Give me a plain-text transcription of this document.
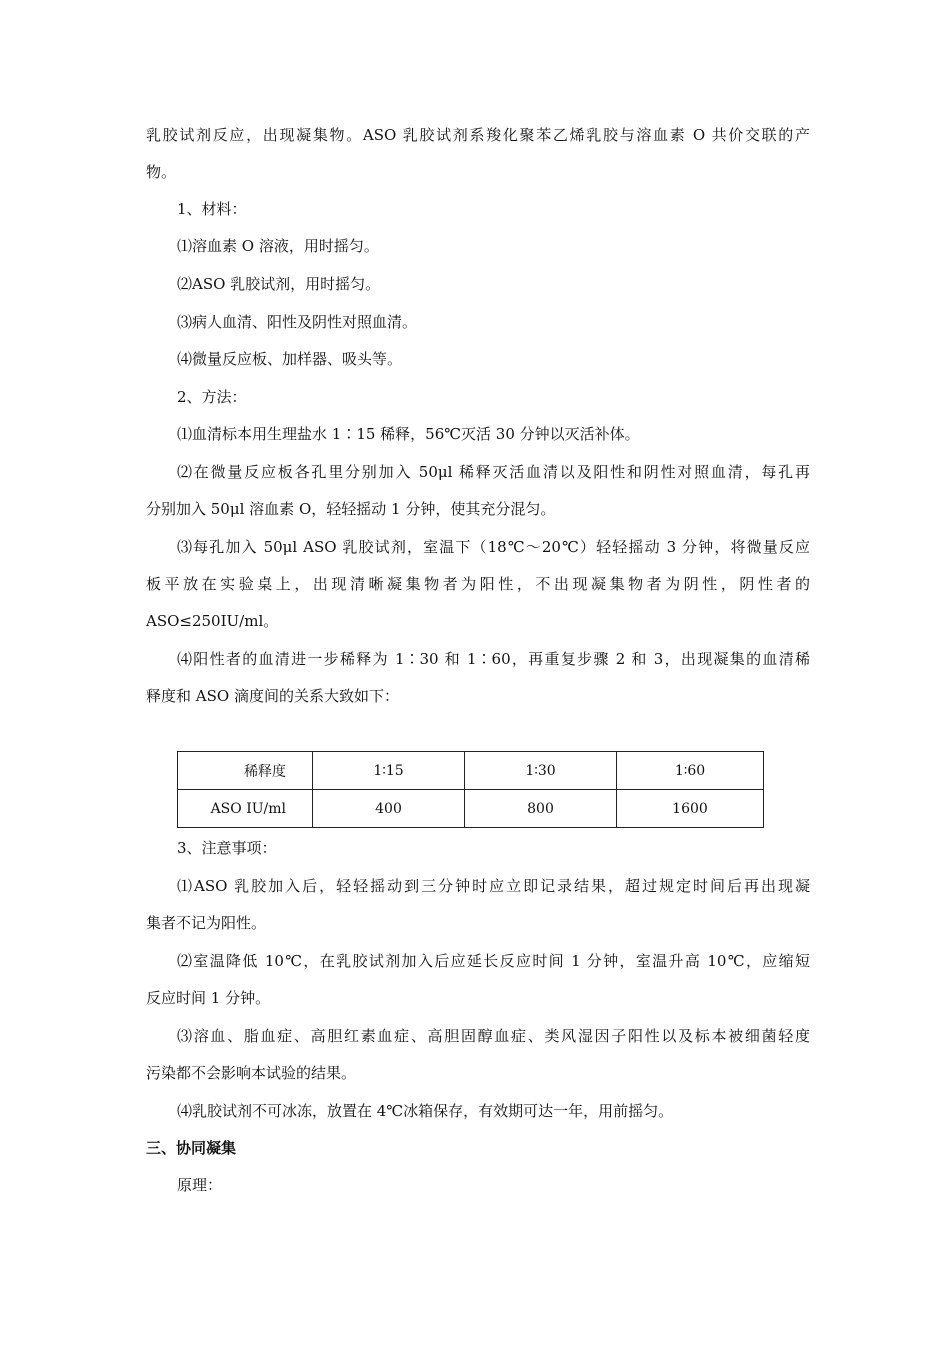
乳胶试剂反应，出现凝集物。ASO 乳胶试剂系羧化聚苯乙烯乳胶与溶血素 O 共价交联的产
物。
1、材料：
⑴溶血素 O 溶液，用时摇匀。
⑵ASO 乳胶试剂，用时摇匀。
⑶病人血清、阳性及阴性对照血清。
⑷微量反应板、加样器、吸头等。
2、方法：
⑴血清标本用生理盐水 1∶15 稀释，56℃灭活 30 分钟以灭活补体。
⑵在微量反应板各孔里分别加入 50μl 稀释灭活血清以及阳性和阴性对照血清，每孔再
分别加入 50μl 溶血素 O，轻轻摇动 1 分钟，使其充分混匀。
⑶每孔加入 50μl ASO 乳胶试剂，室温下（18℃～20℃）轻轻摇动 3 分钟，将微量反应
板平放在实验桌上，出现清晰凝集物者为阳性，不出现凝集物者为阴性，阴性者的
ASO≤250IU/ml。
⑷阳性者的血清进一步稀释为 1∶30 和 1∶60，再重复步骤 2 和 3，出现凝集的血清稀
释度和 ASO 滴度间的关系大致如下：
稀释度	1∶15	1∶30	1∶60
ASO IU/ml	400	800	1600
3、注意事项：
⑴ASO 乳胶加入后，轻轻摇动到三分钟时应立即记录结果，超过规定时间后再出现凝
集者不记为阳性。
⑵室温降低 10℃，在乳胶试剂加入后应延长反应时间 1 分钟，室温升高 10℃，应缩短
反应时间 1 分钟。
⑶溶血、脂血症、高胆红素血症、高胆固醇血症、类风湿因子阳性以及标本被细菌轻度
污染都不会影响本试验的结果。
⑷乳胶试剂不可冰冻，放置在 4℃冰箱保存，有效期可达一年，用前摇匀。
三、协同凝集
原理：
